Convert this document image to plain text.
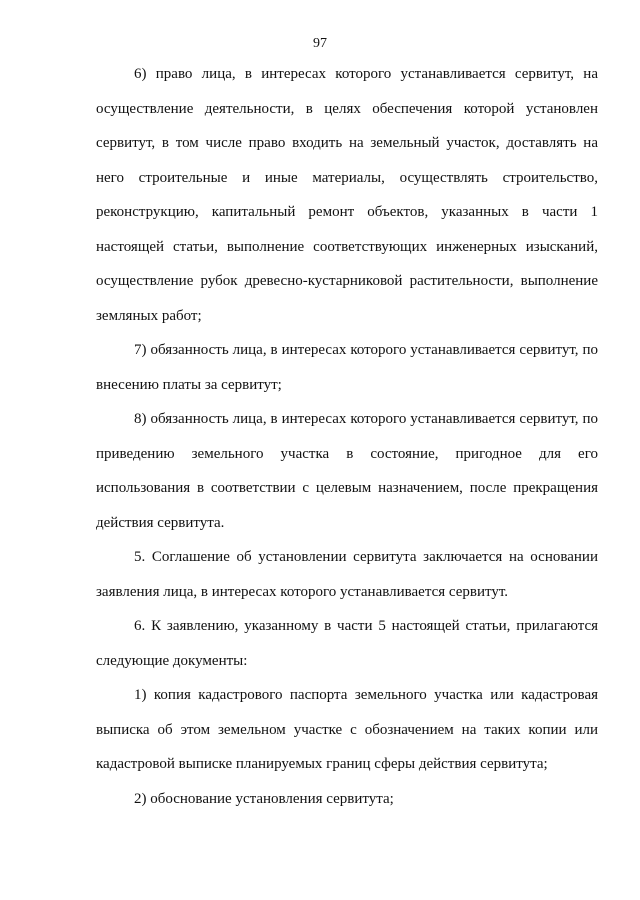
97

6) право лица, в интересах которого устанавливается сервитут, на осуществление деятельности, в целях обеспечения которой установлен сервитут, в том числе право входить на земельный участок, доставлять на него строительные и иные материалы, осуществлять строительство, реконструкцию, капитальный ремонт объектов, указанных в части 1 настоящей статьи, выполнение соответствующих инженерных изысканий, осуществление рубок древесно-кустарниковой растительности, выполнение земляных работ;

7) обязанность лица, в интересах которого устанавливается сервитут, по внесению платы за сервитут;

8) обязанность лица, в интересах которого устанавливается сервитут, по приведению земельного участка в состояние, пригодное для его использования в соответствии с целевым назначением, после прекращения действия сервитута.

5. Соглашение об установлении сервитута заключается на основании заявления лица, в интересах которого устанавливается сервитут.

6. К заявлению, указанному в части 5 настоящей статьи, прилагаются следующие документы:

1) копия кадастрового паспорта земельного участка или кадастровая выписка об этом земельном участке с обозначением на таких копии или кадастровой выписке планируемых границ сферы действия сервитута;

2) обоснование установления сервитута;
